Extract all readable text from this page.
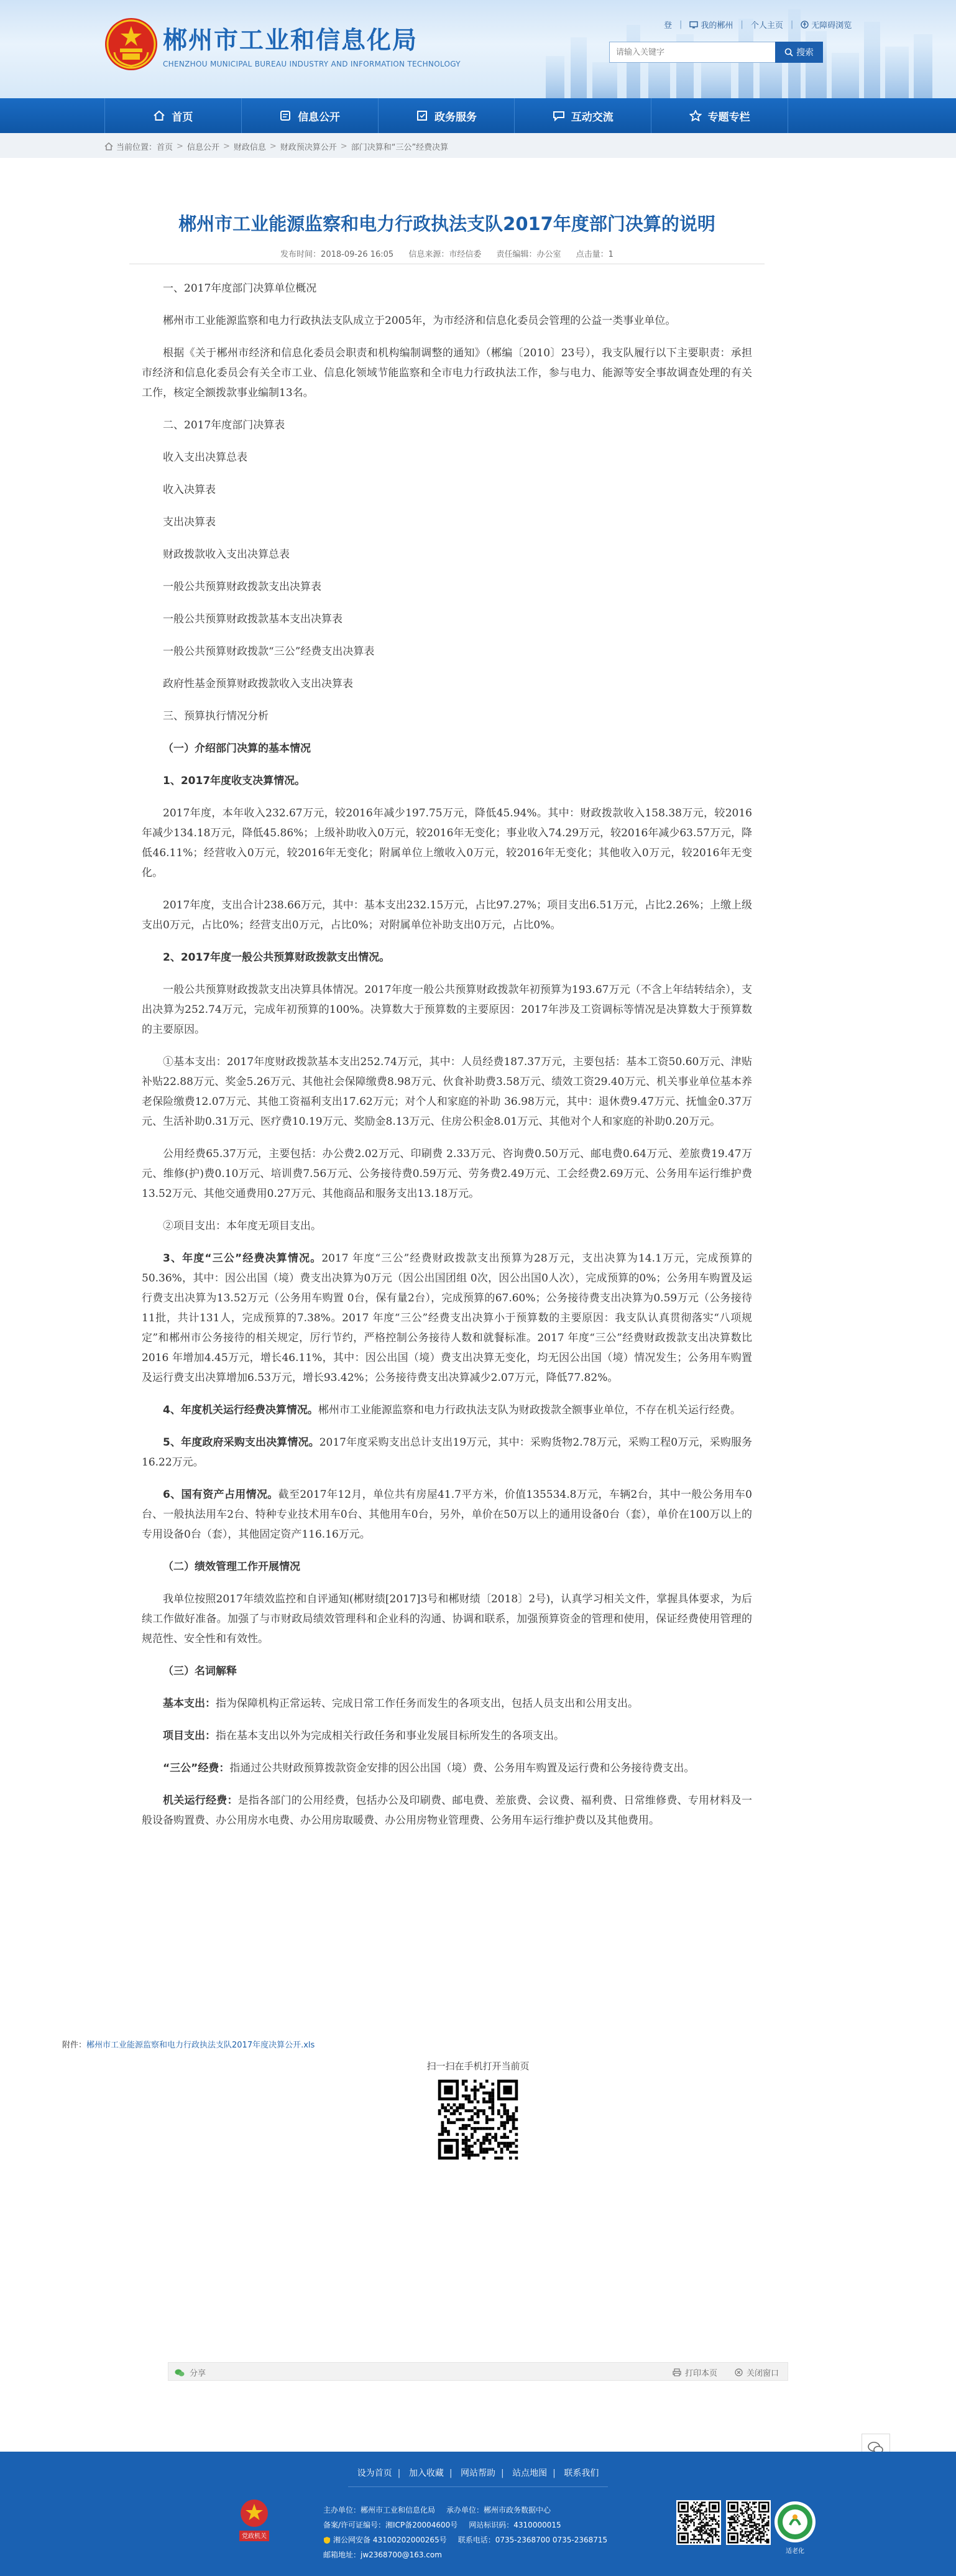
郴州市工业和信息化局
CHENZHOU MUNICIPAL BUREAU INDUSTRY AND INFORMATION TECHNOLOGY
登 | 我的郴州 | 个人主页 | 无障碍浏览
请输入关键字
搜索
首页	信息公开	政务服务	互动交流	专题专栏
当前位置： 首页 > 信息公开 > 财政信息 > 财政预决算公开 > 部门决算和“三公”经费决算
郴州市工业能源监察和电力行政执法支队2017年度部门决算的说明
发布时间：2018-09-26 16:05 信息来源：市经信委 责任编辑：办公室 点击量：1
一、2017年度部门决算单位概况
郴州市工业能源监察和电力行政执法支队成立于2005年，为市经济和信息化委员会管理的公益一类事业单位。
根据《关于郴州市经济和信息化委员会职责和机构编制调整的通知》（郴编〔2010〕23号），我支队履行以下主要职责：承担市经济和信息化委员会有关全市工业、信息化领域节能监察和全市电力行政执法工作，参与电力、能源等安全事故调查处理的有关工作，核定全额拨款事业编制13名。
二、2017年度部门决算表
收入支出决算总表
收入决算表
支出决算表
财政拨款收入支出决算总表
一般公共预算财政拨款支出决算表
一般公共预算财政拨款基本支出决算表
一般公共预算财政拨款“三公”经费支出决算表
政府性基金预算财政拨款收入支出决算表
三、预算执行情况分析
（一）介绍部门决算的基本情况
1、2017年度收支决算情况。
2017年度，本年收入232.67万元，较2016年减少197.75万元，降低45.94%。其中：财政拨款收入158.38万元，较2016年减少134.18万元，降低45.86%；上级补助收入0万元，较2016年无变化；事业收入74.29万元，较2016年减少63.57万元，降低46.11%；经营收入0万元，较2016年无变化；附属单位上缴收入0万元，较2016年无变化；其他收入0万元，较2016年无变化。
2017年度，支出合计238.66万元，其中：基本支出232.15万元，占比97.27%；项目支出6.51万元，占比2.26%；上缴上级支出0万元，占比0%；经营支出0万元，占比0%；对附属单位补助支出0万元，占比0%。
2、2017年度一般公共预算财政拨款支出情况。
一般公共预算财政拨款支出决算具体情况。2017年度一般公共预算财政拨款年初预算为193.67万元（不含上年结转结余），支出决算为252.74万元，完成年初预算的100%。决算数大于预算数的主要原因：2017年涉及工资调标等情况是决算数大于预算数的主要原因。
①基本支出：2017年度财政拨款基本支出252.74万元，其中：人员经费187.37万元，主要包括：基本工资50.60万元、津贴补贴22.88万元、奖金5.26万元、其他社会保障缴费8.98万元、伙食补助费3.58万元、绩效工资29.40万元、机关事业单位基本养老保险缴费12.07万元、其他工资福利支出17.62万元；对个人和家庭的补助 36.98万元，其中：退休费9.47万元、抚恤金0.37万元、生活补助0.31万元、医疗费10.19万元、奖励金8.13万元、住房公积金8.01万元、其他对个人和家庭的补助0.20万元。
公用经费65.37万元，主要包括：办公费2.02万元、印刷费 2.33万元、咨询费0.50万元、邮电费0.64万元、差旅费19.47万元、维修(护)费0.10万元、培训费7.56万元、公务接待费0.59万元、劳务费2.49万元、工会经费2.69万元、公务用车运行维护费13.52万元、其他交通费用0.27万元、其他商品和服务支出13.18万元。
②项目支出：本年度无项目支出。
3、年度“三公”经费决算情况。2017 年度“三公”经费财政拨款支出预算为28万元，支出决算为14.1万元，完成预算的50.36%，其中：因公出国（境）费支出决算为0万元（因公出国团组 0次，因公出国0人次），完成预算的0%；公务用车购置及运行费支出决算为13.52万元（公务用车购置 0台，保有量2台），完成预算的67.60%；公务接待费支出决算为0.59万元（公务接待11批，共计131人，完成预算的7.38%。2017 年度“三公”经费支出决算小于预算数的主要原因：我支队认真贯彻落实“八项规定”和郴州市公务接待的相关规定，厉行节约，严格控制公务接待人数和就餐标准。2017 年度“三公”经费财政拨款支出决算数比2016 年增加4.45万元，增长46.11%，其中：因公出国（境）费支出决算无变化，均无因公出国（境）情况发生；公务用车购置及运行费支出决算增加6.53万元，增长93.42%；公务接待费支出决算减少2.07万元，降低77.82%。
4、年度机关运行经费决算情况。郴州市工业能源监察和电力行政执法支队为财政拨款全额事业单位，不存在机关运行经费。
5、年度政府采购支出决算情况。2017年度采购支出总计支出19万元，其中：采购货物2.78万元，采购工程0万元，采购服务16.22万元。
6、国有资产占用情况。截至2017年12月，单位共有房屋41.7平方米，价值135534.8万元，车辆2台，其中一般公务用车0台、一般执法用车2台、特种专业技术用车0台、其他用车0台，另外，单价在50万以上的通用设备0台（套），单价在100万以上的专用设备0台（套），其他固定资产116.16万元。
（二）绩效管理工作开展情况
我单位按照2017年绩效监控和自评通知(郴财绩[2017]3号和郴财绩〔2018〕2号)，认真学习相关文件，掌握具体要求，为后续工作做好准备。加强了与市财政局绩效管理科和企业科的沟通、协调和联系，加强预算资金的管理和使用，保证经费使用管理的规范性、安全性和有效性。
（三）名词解释
基本支出：指为保障机构正常运转、完成日常工作任务而发生的各项支出，包括人员支出和公用支出。
项目支出：指在基本支出以外为完成相关行政任务和事业发展目标所发生的各项支出。
“三公”经费：指通过公共财政预算拨款资金安排的因公出国（境）费、公务用车购置及运行费和公务接待费支出。
机关运行经费：是指各部门的公用经费，包括办公及印刷费、邮电费、差旅费、会议费、福利费、日常维修费、专用材料及一般设备购置费、办公用房水电费、办公用房取暖费、办公用房物业管理费、公务用车运行维护费以及其他费用。
附件：郴州市工业能源监察和电力行政执法支队2017年度决算公开.xls
扫一扫在手机打开当前页
分享	打印本页	关闭窗口
设为首页 | 加入收藏 | 网站帮助 | 站点地图 | 联系我们
党政机关
主办单位：郴州市工业和信息化局 承办单位：郴州市政务数据中心
备案/许可证编号：湘ICP备20004600号 网站标识码：4310000015
湘公网安备 43100202000265号 联系电话：0735-2368700 0735-2368715
邮箱地址：jw2368700@163.com	适老化
